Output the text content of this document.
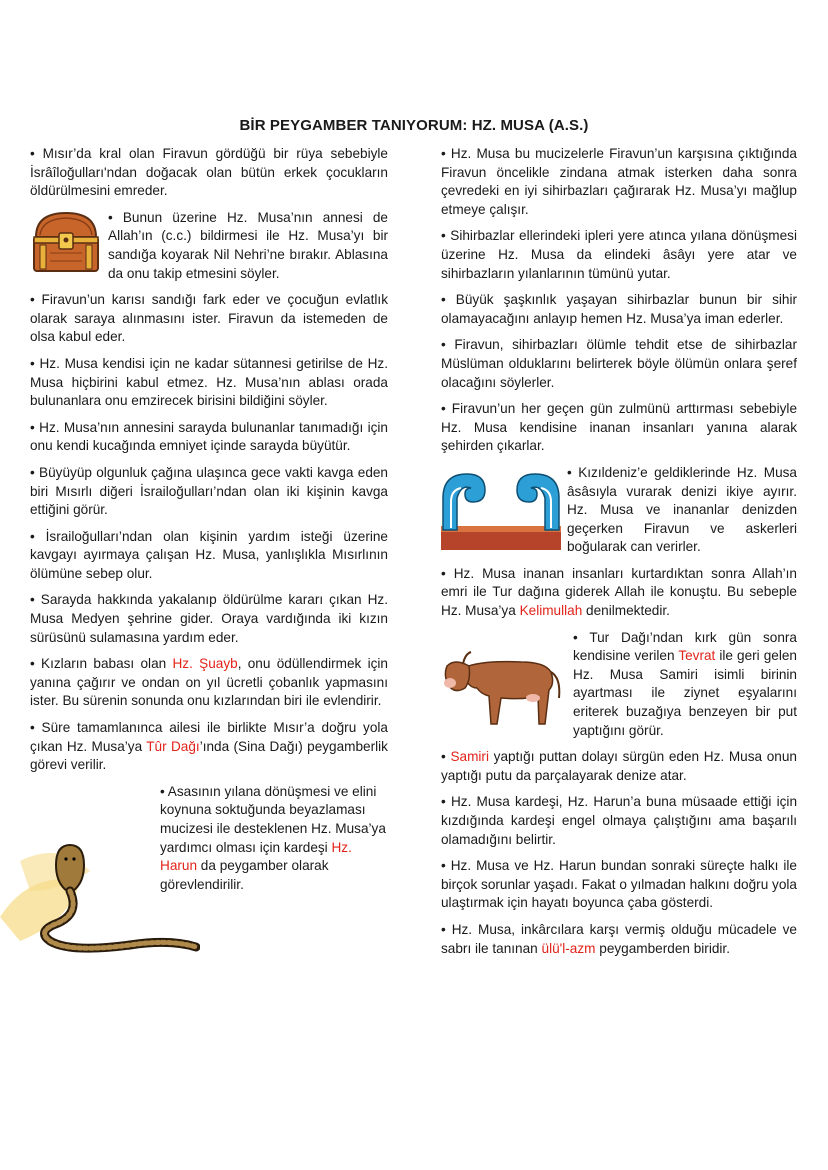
BİR PEYGAMBER TANIYORUM: HZ. MUSA (A.S.)

• Mısır’da kral olan Firavun gördüğü bir rüya sebebiyle İsrâîloğulları'ndan doğacak olan bütün erkek çocukların öldürülmesini emreder.

• Bunun üzerine Hz. Musa’nın annesi de Allah’ın (c.c.) bildirmesi ile Hz. Musa’yı bir sandığa koyarak Nil Nehri’ne bırakır. Ablasına da onu takip etmesini söyler.

• Firavun’un karısı sandığı fark eder ve çocuğun evlatlık olarak saraya alınmasını ister. Firavun da istemeden de olsa kabul eder.

• Hz. Musa kendisi için ne kadar sütannesi getirilse de Hz. Musa hiçbirini kabul etmez. Hz. Musa’nın ablası orada bulunanlara onu emzirecek birisini bildiğini söyler.

• Hz. Musa’nın annesini sarayda bulunanlar tanımadığı için onu kendi kucağında emniyet içinde sarayda büyütür.

• Büyüyüp olgunluk çağına ulaşınca gece vakti kavga eden biri Mısırlı diğeri İsrailoğulları’ndan olan iki kişinin kavga ettiğini görür.

• İsrailoğulları’ndan olan kişinin yardım isteği üzerine kavgayı ayırmaya çalışan Hz. Musa, yanlışlıkla Mısırlının ölümüne sebep olur.

• Sarayda hakkında yakalanıp öldürülme kararı çıkan Hz. Musa Medyen şehrine gider. Oraya vardığında iki kızın sürüsünü sulamasına yardım eder.

• Kızların babası olan Hz. Şuayb, onu ödüllendirmek için yanına çağırır ve ondan on yıl ücretli çobanlık yapmasını ister. Bu sürenin sonunda onu kızlarından biri ile evlendirir.

• Süre tamamlanınca ailesi ile birlikte Mısır’a doğru yola çıkan Hz. Musa’ya Tûr Dağı’ında (Sina Dağı) peygamberlik görevi verilir.

• Asasının yılana dönüşmesi ve elini koynuna soktuğunda beyazlaması mucizesi ile desteklenen Hz. Musa’ya yardımcı olması için kardeşi Hz. Harun da peygamber olarak görevlendirilir.

• Hz. Musa bu mucizelerle Firavun’un karşısına çıktığında Firavun öncelikle zindana atmak isterken daha sonra çevredeki en iyi sihirbazları çağırarak Hz. Musa’yı mağlup etmeye çalışır.

• Sihirbazlar ellerindeki ipleri yere atınca yılana dönüşmesi üzerine Hz. Musa da elindeki âsâyı yere atar ve sihirbazların yılanlarının tümünü yutar.

• Büyük şaşkınlık yaşayan sihirbazlar bunun bir sihir olamayacağını anlayıp hemen Hz. Musa’ya iman ederler.

• Firavun, sihirbazları ölümle tehdit etse de sihirbazlar Müslüman olduklarını belirterek böyle ölümün onlara şeref olacağını söylerler.

• Firavun’un her geçen gün zulmünü arttırması sebebiyle Hz. Musa kendisine inanan insanları yanına alarak şehirden çıkarlar.

• Kızıldeniz’e geldiklerinde Hz. Musa âsâsıyla vurarak denizi ikiye ayırır. Hz. Musa ve inananlar denizden geçerken Firavun ve askerleri boğularak can verirler.

• Hz. Musa inanan insanları kurtardıktan sonra Allah’ın emri ile Tur dağına giderek Allah ile konuştu. Bu sebeple Hz. Musa’ya Kelimullah denilmektedir.

• Tur Dağı’ndan kırk gün sonra kendisine verilen Tevrat ile geri gelen Hz. Musa Samiri isimli birinin ayartması ile ziynet eşyalarını eriterek buzağıya benzeyen bir put yaptığını görür.

• Samiri yaptığı puttan dolayı sürgün eden Hz. Musa onun yaptığı putu da parçalayarak denize atar.

• Hz. Musa kardeşi, Hz. Harun’a buna müsaade ettiği için kızdığında kardeşi engel olmaya çalıştığını ama başarılı olamadığını belirtir.

• Hz. Musa ve Hz. Harun bundan sonraki süreçte halkı ile birçok sorunlar yaşadı. Fakat o yılmadan halkını doğru yola ulaştırmak için hayatı boyunca çaba gösterdi.

• Hz. Musa, inkârcılara karşı vermiş olduğu mücadele ve sabrı ile tanınan ülü'l-azm peygamberden biridir.
